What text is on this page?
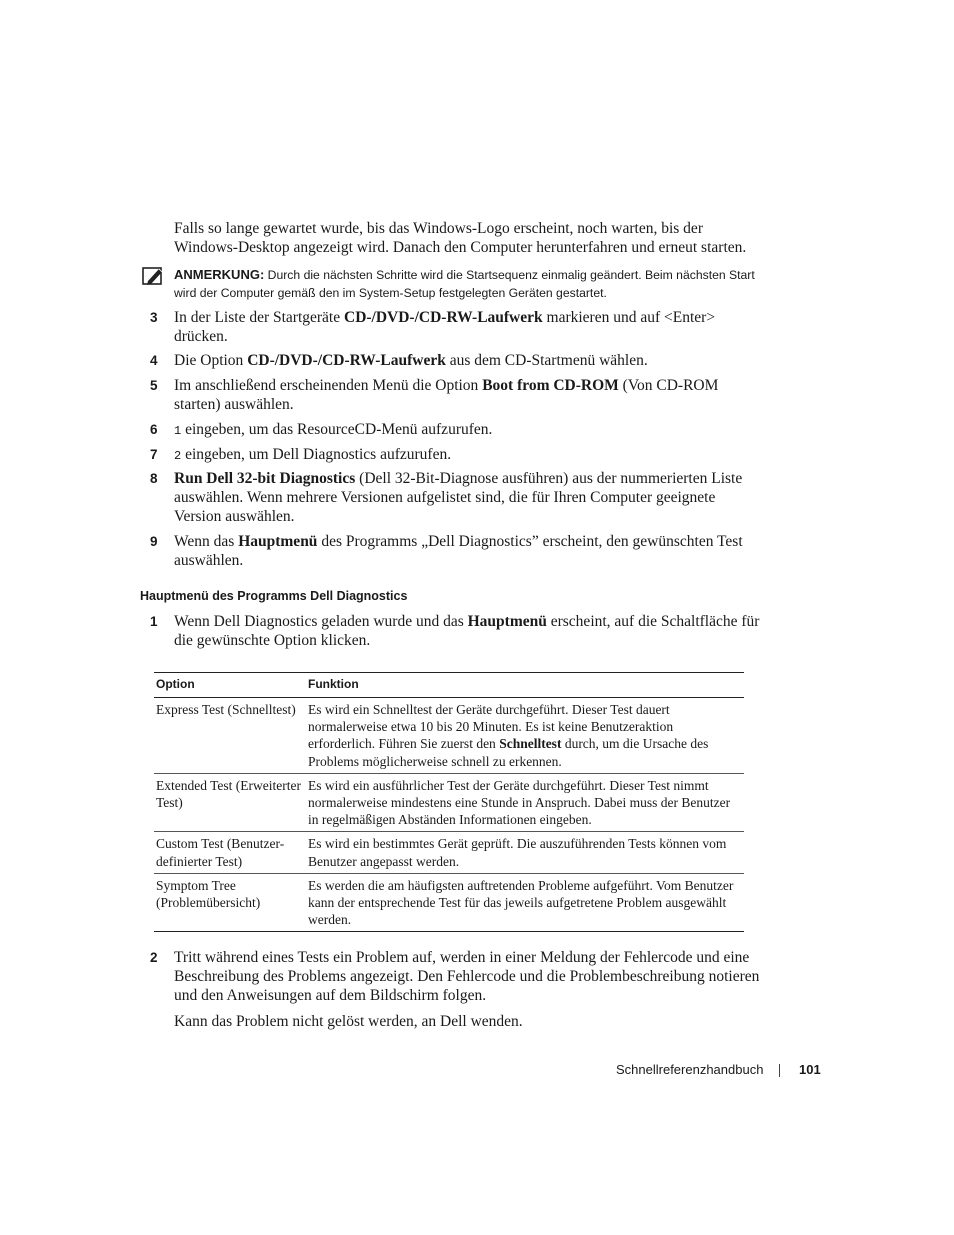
Falls so lange gewartet wurde, bis das Windows-Logo erscheint, noch warten, bis der Windows-Desktop angezeigt wird. Danach den Computer herunterfahren und erneut starten.
ANMERKUNG: Durch die nächsten Schritte wird die Startsequenz einmalig geändert. Beim nächsten Start wird der Computer gemäß den im System-Setup festgelegten Geräten gestartet.
3 In der Liste der Startgeräte CD-/DVD-/CD-RW-Laufwerk markieren und auf <Enter> drücken.
4 Die Option CD-/DVD-/CD-RW-Laufwerk aus dem CD-Startmenü wählen.
5 Im anschließend erscheinenden Menü die Option Boot from CD-ROM (Von CD-ROM starten) auswählen.
6 1 eingeben, um das ResourceCD-Menü aufzurufen.
7 2 eingeben, um Dell Diagnostics aufzurufen.
8 Run Dell 32-bit Diagnostics (Dell 32-Bit-Diagnose ausführen) aus der nummerierten Liste auswählen. Wenn mehrere Versionen aufgelistet sind, die für Ihren Computer geeignete Version auswählen.
9 Wenn das Hauptmenü des Programms „Dell Diagnostics” erscheint, den gewünschten Test auswählen.
Hauptmenü des Programms Dell Diagnostics
1 Wenn Dell Diagnostics geladen wurde und das Hauptmenü erscheint, auf die Schaltfläche für die gewünschte Option klicken.
Option	Funktion
Express Test (Schnelltest)	Es wird ein Schnelltest der Geräte durchgeführt. Dieser Test dauert normalerweise etwa 10 bis 20 Minuten. Es ist keine Benutzeraktion erforderlich. Führen Sie zuerst den Schnelltest durch, um die Ursache des Problems möglicherweise schnell zu erkennen.
Extended Test (Erweiterter Test)	Es wird ein ausführlicher Test der Geräte durchgeführt. Dieser Test nimmt normalerweise mindestens eine Stunde in Anspruch. Dabei muss der Benutzer in regelmäßigen Abständen Informationen eingeben.
Custom Test (Benutzer-definierter Test)	Es wird ein bestimmtes Gerät geprüft. Die auszuführenden Tests können vom Benutzer angepasst werden.
Symptom Tree (Problemübersicht)	Es werden die am häufigsten auftretenden Probleme aufgeführt. Vom Benutzer kann der entsprechende Test für das jeweils aufgetretene Problem ausgewählt werden.
2 Tritt während eines Tests ein Problem auf, werden in einer Meldung der Fehlercode und eine Beschreibung des Problems angezeigt. Den Fehlercode und die Problembeschreibung notieren und den Anweisungen auf dem Bildschirm folgen.
Kann das Problem nicht gelöst werden, an Dell wenden.
Schnellreferenzhandbuch	101
